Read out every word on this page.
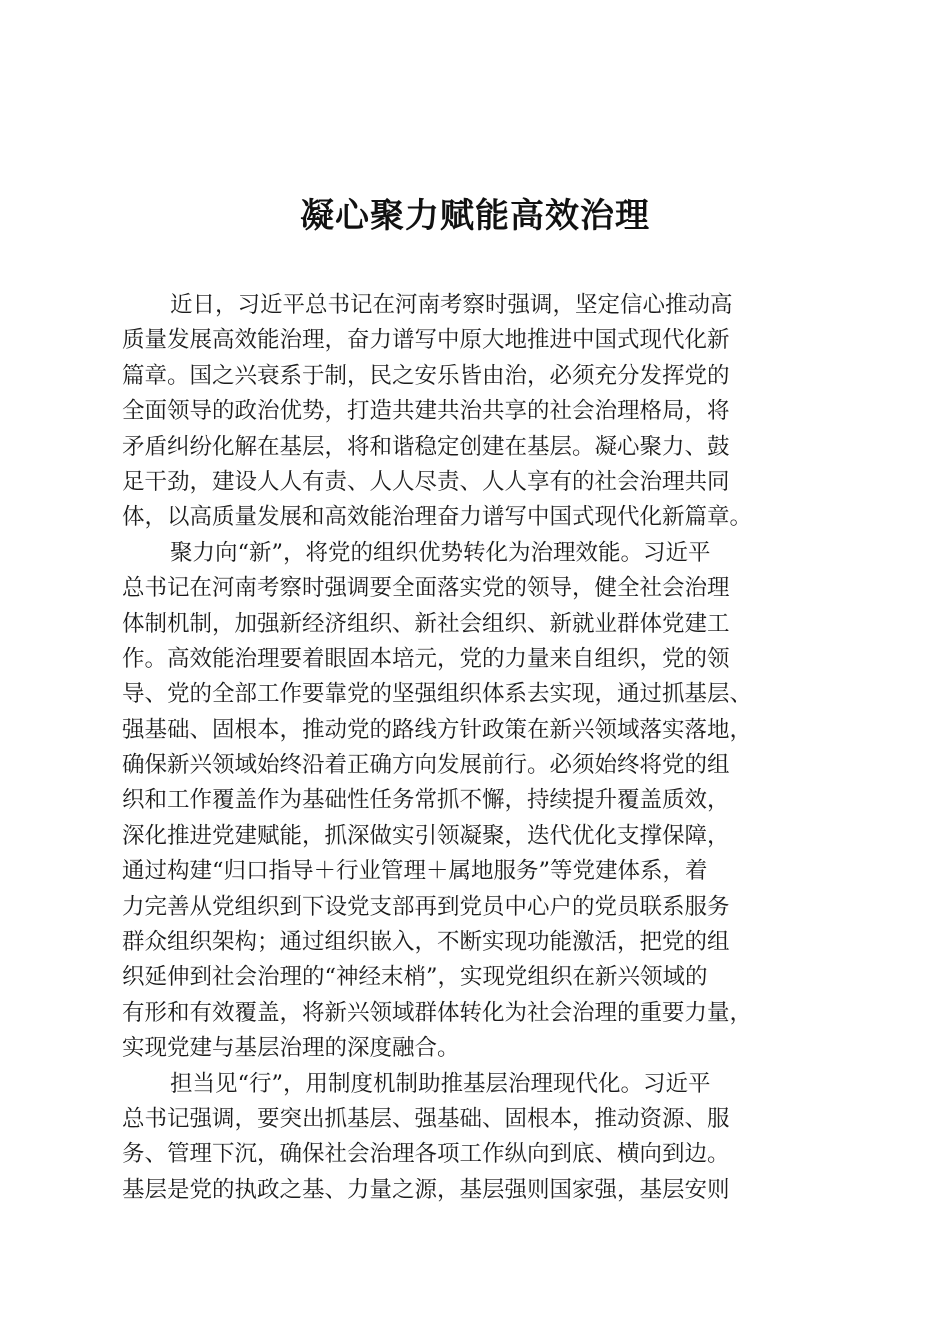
凝心聚力赋能高效治理
近日，习近平总书记在河南考察时强调，坚定信心推动高
质量发展高效能治理，奋力谱写中原大地推进中国式现代化新
篇章。国之兴衰系于制，民之安乐皆由治，必须充分发挥党的
全面领导的政治优势，打造共建共治共享的社会治理格局，将
矛盾纠纷化解在基层，将和谐稳定创建在基层。凝心聚力、鼓
足干劲，建设人人有责、人人尽责、人人享有的社会治理共同
体，以高质量发展和高效能治理奋力谱写中国式现代化新篇章。
聚力向“新”，将党的组织优势转化为治理效能。习近平
总书记在河南考察时强调要全面落实党的领导，健全社会治理
体制机制，加强新经济组织、新社会组织、新就业群体党建工
作。高效能治理要着眼固本培元，党的力量来自组织，党的领
导、党的全部工作要靠党的坚强组织体系去实现，通过抓基层、
强基础、固根本，推动党的路线方针政策在新兴领域落实落地，
确保新兴领域始终沿着正确方向发展前行。必须始终将党的组
织和工作覆盖作为基础性任务常抓不懈，持续提升覆盖质效，
深化推进党建赋能，抓深做实引领凝聚，迭代优化支撑保障，
通过构建“归口指导＋行业管理＋属地服务”等党建体系，着
力完善从党组织到下设党支部再到党员中心户的党员联系服务
群众组织架构；通过组织嵌入，不断实现功能激活，把党的组
织延伸到社会治理的“神经末梢”，实现党组织在新兴领域的
有形和有效覆盖，将新兴领域群体转化为社会治理的重要力量，
实现党建与基层治理的深度融合。
担当见“行”，用制度机制助推基层治理现代化。习近平
总书记强调，要突出抓基层、强基础、固根本，推动资源、服
务、管理下沉，确保社会治理各项工作纵向到底、横向到边。
基层是党的执政之基、力量之源，基层强则国家强，基层安则
